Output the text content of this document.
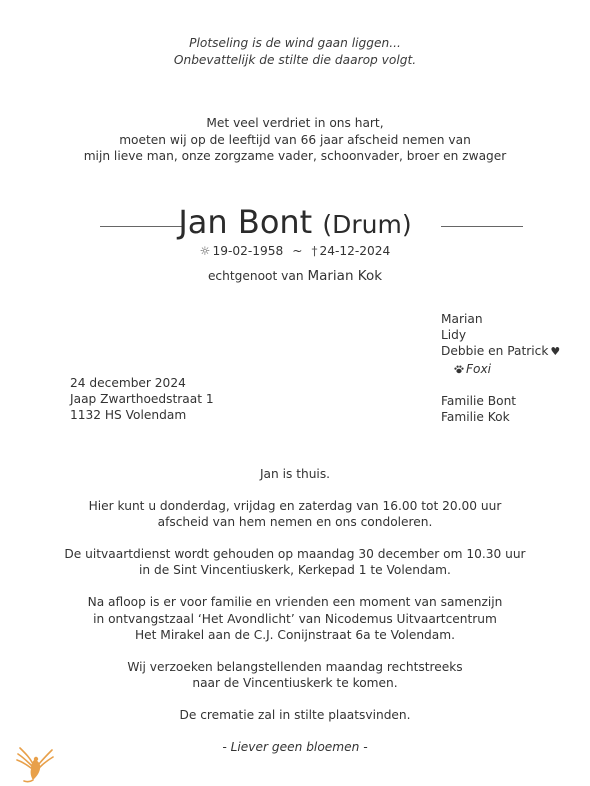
Plotseling is de wind gaan liggen...
Onbevattelijk de stilte die daarop volgt.
Met veel verdriet in ons hart,
moeten wij op de leeftijd van 66 jaar afscheid nemen van
mijn lieve man, onze zorgzame vader, schoonvader, broer en zwager
Jan Bont (Drum)
☼ 19-02-1958 ~ † 24-12-2024
echtgenoot van Marian Kok
Marian
Lidy
Debbie en Patrick ♥
Foxi
Familie Bont
Familie Kok
24 december 2024
Jaap Zwarthoedstraat 1
1132 HS Volendam

Jan is thuis.

Hier kunt u donderdag, vrijdag en zaterdag van 16.00 tot 20.00 uur
afscheid van hem nemen en ons condoleren.

De uitvaartdienst wordt gehouden op maandag 30 december om 10.30 uur
in de Sint Vincentiuskerk, Kerkepad 1 te Volendam.

Na afloop is er voor familie en vrienden een moment van samenzijn
in ontvangstzaal ‘Het Avondlicht’ van Nicodemus Uitvaartcentrum
Het Mirakel aan de C.J. Conijnstraat 6a te Volendam.

Wij verzoeken belangstellenden maandag rechtstreeks
naar de Vincentiuskerk te komen.

De crematie zal in stilte plaatsvinden.

- Liever geen bloemen -
